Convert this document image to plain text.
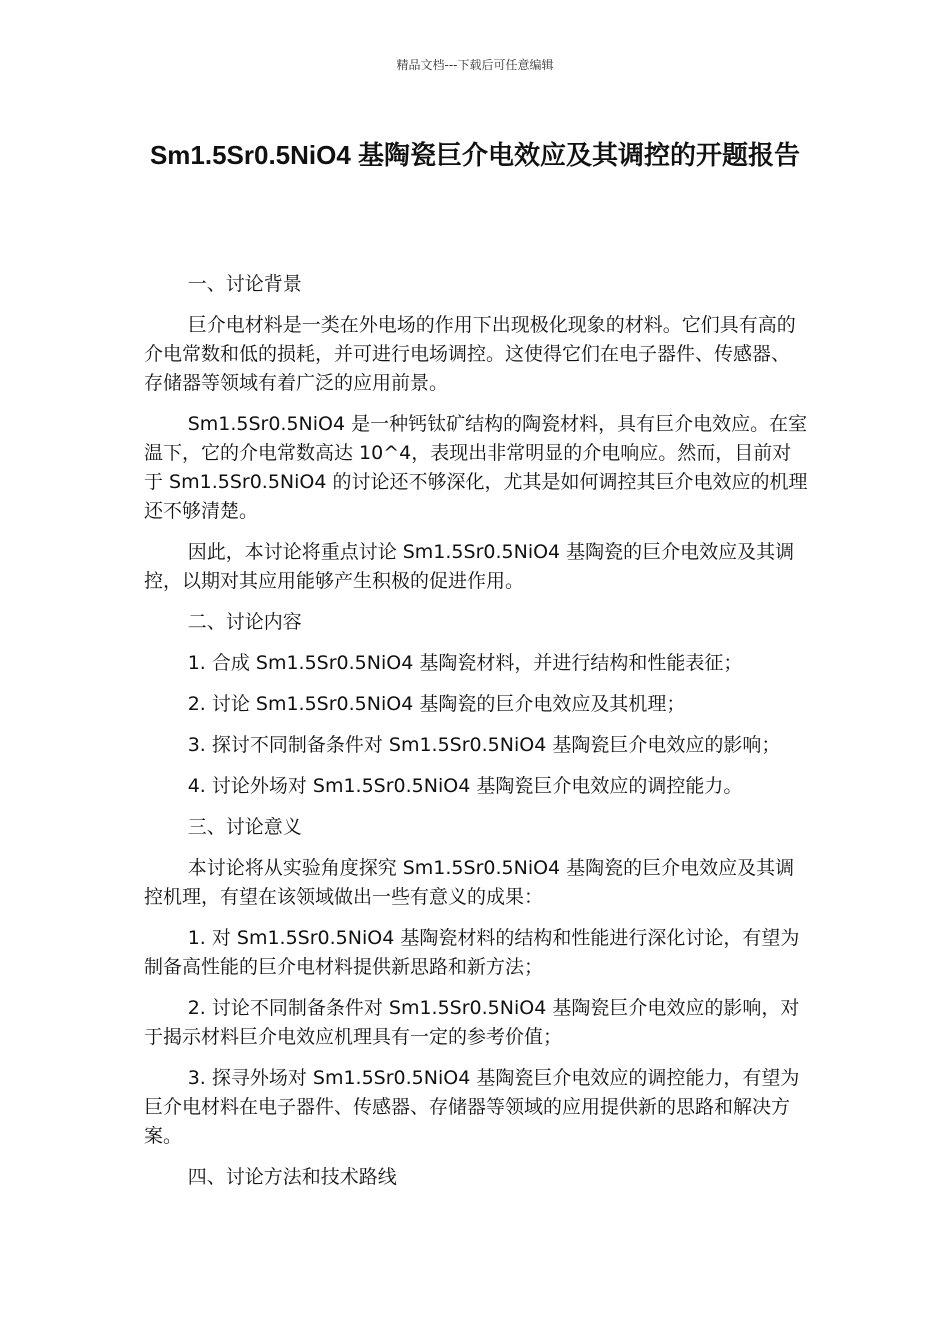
精品文档---下载后可任意编辑
Sm1.5Sr0.5NiO4 基陶瓷巨介电效应及其调控的开题报告

一、讨论背景

巨介电材料是一类在外电场的作用下出现极化现象的材料。它们具有高的介电常数和低的损耗，并可进行电场调控。这使得它们在电子器件、传感器、存储器等领域有着广泛的应用前景。

Sm1.5Sr0.5NiO4 是一种钙钛矿结构的陶瓷材料，具有巨介电效应。在室温下，它的介电常数高达 10^4，表现出非常明显的介电响应。然而，目前对于 Sm1.5Sr0.5NiO4 的讨论还不够深化，尤其是如何调控其巨介电效应的机理还不够清楚。

因此，本讨论将重点讨论 Sm1.5Sr0.5NiO4 基陶瓷的巨介电效应及其调控，以期对其应用能够产生积极的促进作用。

二、讨论内容

1. 合成 Sm1.5Sr0.5NiO4 基陶瓷材料，并进行结构和性能表征；

2. 讨论 Sm1.5Sr0.5NiO4 基陶瓷的巨介电效应及其机理；

3. 探讨不同制备条件对 Sm1.5Sr0.5NiO4 基陶瓷巨介电效应的影响；

4. 讨论外场对 Sm1.5Sr0.5NiO4 基陶瓷巨介电效应的调控能力。

三、讨论意义

本讨论将从实验角度探究 Sm1.5Sr0.5NiO4 基陶瓷的巨介电效应及其调控机理，有望在该领域做出一些有意义的成果：

1. 对 Sm1.5Sr0.5NiO4 基陶瓷材料的结构和性能进行深化讨论，有望为制备高性能的巨介电材料提供新思路和新方法；

2. 讨论不同制备条件对 Sm1.5Sr0.5NiO4 基陶瓷巨介电效应的影响，对于揭示材料巨介电效应机理具有一定的参考价值；

3. 探寻外场对 Sm1.5Sr0.5NiO4 基陶瓷巨介电效应的调控能力，有望为巨介电材料在电子器件、传感器、存储器等领域的应用提供新的思路和解决方案。

四、讨论方法和技术路线
